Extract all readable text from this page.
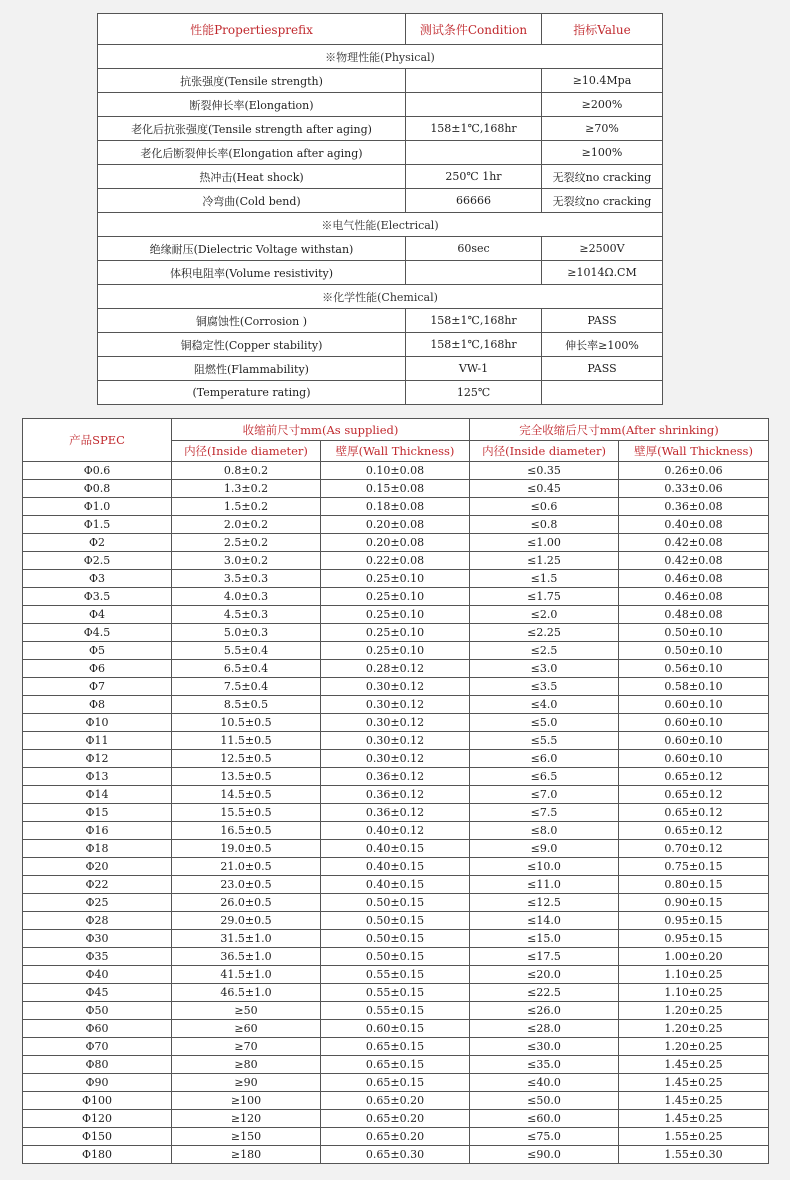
性能Propertiesprefix	测试条件Condition	指标Value
※物理性能(Physical)		
抗张强度(Tensile strength)		≥10.4Mpa
断裂伸长率(Elongation)		≥200%
老化后抗张强度(Tensile strength after aging)	158±1℃,168hr	≥70%
老化后断裂伸长率(Elongation after aging)		≥100%
热冲击(Heat shock)	250℃ 1hr	无裂纹no cracking
冷弯曲(Cold bend)	66666	无裂纹no cracking
※电气性能(Electrical)		
绝缘耐压(Dielectric Voltage withstan)	60sec	≥2500V
体积电阻率(Volume resistivity)		≥1014Ω.CM
※化学性能(Chemical)		
铜腐蚀性(Corrosion )	158±1℃,168hr	PASS
铜稳定性(Copper stability)	158±1℃,168hr	伸长率≥100%
阻燃性(Flammability)	VW-1	PASS
(Temperature rating)	125℃	
产品SPEC	收缩前尺寸mm(As supplied)		完全收缩后尺寸mm(After shrinking)	
	内径(Inside diameter)	壁厚(Wall Thickness)	内径(Inside diameter)	壁厚(Wall Thickness)
Φ0.6	0.8±0.2	0.10±0.08	≤0.35	0.26±0.06
Φ0.8	1.3±0.2	0.15±0.08	≤0.45	0.33±0.06
Φ1.0	1.5±0.2	0.18±0.08	≤0.6	0.36±0.08
Φ1.5	2.0±0.2	0.20±0.08	≤0.8	0.40±0.08
Φ2	2.5±0.2	0.20±0.08	≤1.00	0.42±0.08
Φ2.5	3.0±0.2	0.22±0.08	≤1.25	0.42±0.08
Φ3	3.5±0.3	0.25±0.10	≤1.5	0.46±0.08
Φ3.5	4.0±0.3	0.25±0.10	≤1.75	0.46±0.08
Φ4	4.5±0.3	0.25±0.10	≤2.0	0.48±0.08
Φ4.5	5.0±0.3	0.25±0.10	≤2.25	0.50±0.10
Φ5	5.5±0.4	0.25±0.10	≤2.5	0.50±0.10
Φ6	6.5±0.4	0.28±0.12	≤3.0	0.56±0.10
Φ7	7.5±0.4	0.30±0.12	≤3.5	0.58±0.10
Φ8	8.5±0.5	0.30±0.12	≤4.0	0.60±0.10
Φ10	10.5±0.5	0.30±0.12	≤5.0	0.60±0.10
Φ11	11.5±0.5	0.30±0.12	≤5.5	0.60±0.10
Φ12	12.5±0.5	0.30±0.12	≤6.0	0.60±0.10
Φ13	13.5±0.5	0.36±0.12	≤6.5	0.65±0.12
Φ14	14.5±0.5	0.36±0.12	≤7.0	0.65±0.12
Φ15	15.5±0.5	0.36±0.12	≤7.5	0.65±0.12
Φ16	16.5±0.5	0.40±0.12	≤8.0	0.65±0.12
Φ18	19.0±0.5	0.40±0.15	≤9.0	0.70±0.12
Φ20	21.0±0.5	0.40±0.15	≤10.0	0.75±0.15
Φ22	23.0±0.5	0.40±0.15	≤11.0	0.80±0.15
Φ25	26.0±0.5	0.50±0.15	≤12.5	0.90±0.15
Φ28	29.0±0.5	0.50±0.15	≤14.0	0.95±0.15
Φ30	31.5±1.0	0.50±0.15	≤15.0	0.95±0.15
Φ35	36.5±1.0	0.50±0.15	≤17.5	1.00±0.20
Φ40	41.5±1.0	0.55±0.15	≤20.0	1.10±0.25
Φ45	46.5±1.0	0.55±0.15	≤22.5	1.10±0.25
Φ50	≥50	0.55±0.15	≤26.0	1.20±0.25
Φ60	≥60	0.60±0.15	≤28.0	1.20±0.25
Φ70	≥70	0.65±0.15	≤30.0	1.20±0.25
Φ80	≥80	0.65±0.15	≤35.0	1.45±0.25
Φ90	≥90	0.65±0.15	≤40.0	1.45±0.25
Φ100	≥100	0.65±0.20	≤50.0	1.45±0.25
Φ120	≥120	0.65±0.20	≤60.0	1.45±0.25
Φ150	≥150	0.65±0.20	≤75.0	1.55±0.25
Φ180	≥180	0.65±0.30	≤90.0	1.55±0.30
